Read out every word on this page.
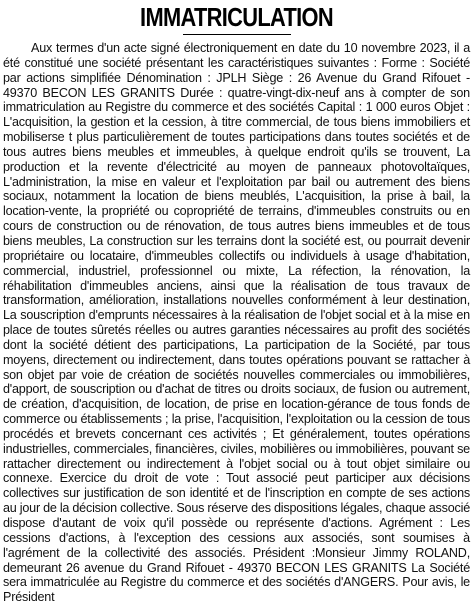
IMMATRICULATION

Aux termes d'un acte signé électroniquement en date du 10 novembre 2023, il a été constitué une société présentant les caractéristiques suivantes : Forme : Société par actions simplifiée Dénomination : JPLH Siège : 26 Avenue du Grand Rifouet - 49370 BECON LES GRANITS Durée : quatre-vingt-dix-neuf ans à compter de son immatriculation au Registre du commerce et des sociétés Capital : 1 000 euros Objet : L'acquisition, la gestion et la cession, à titre commercial, de tous biens immobiliers et mobiliserse t plus particulièrement de toutes participations dans toutes sociétés et de tous autres biens meubles et immeubles, à quelque endroit qu'ils se trouvent, La production et la revente d'électricité au moyen de panneaux photovoltaïques, L'administration, la mise en valeur et l'exploitation par bail ou autrement des biens sociaux, notamment la location de biens meublés, L'acquisition, la prise à bail, la location-vente, la propriété ou copropriété de terrains, d'immeubles construits ou en cours de construction ou de rénovation, de tous autres biens immeubles et de tous biens meubles, La construction sur les terrains dont la société est, ou pourrait devenir propriétaire ou locataire, d'immeubles collectifs ou individuels à usage d'habitation, commercial, industriel, professionnel ou mixte, La réfection, la rénovation, la réhabilitation d'immeubles anciens, ainsi que la réalisation de tous travaux de transformation, amélioration, installations nouvelles conformément à leur destination, La souscription d'emprunts nécessaires à la réalisation de l'objet social et à la mise en place de toutes sûretés réelles ou autres garanties nécessaires au profit des sociétés dont la société détient des participations, La participation de la Société, par tous moyens, directement ou indirectement, dans toutes opérations pouvant se rattacher à son objet par voie de création de sociétés nouvelles commerciales ou immobilières, d'apport, de souscription ou d'achat de titres ou droits sociaux, de fusion ou autrement, de création, d'acquisition, de location, de prise en location-gérance de tous fonds de commerce ou établissements ; la prise, l'acquisition, l'exploitation ou la cession de tous procédés et brevets concernant ces activités ; Et généralement, toutes opérations industrielles, commerciales, financières, civiles, mobilières ou immobilières, pouvant se rattacher directement ou indirectement à l'objet social ou à tout objet similaire ou connexe. Exercice du droit de vote : Tout associé peut participer aux décisions collectives sur justification de son identité et de l'inscription en compte de ses actions au jour de la décision collective. Sous réserve des dispositions légales, chaque associé dispose d'autant de voix qu'il possède ou représente d'actions. Agrément : Les cessions d'actions, à l'exception des cessions aux associés, sont soumises à l'agrément de la collectivité des associés. Président :Monsieur Jimmy ROLAND, demeurant 26 avenue du Grand Rifouet - 49370 BECON LES GRANITS La Société sera immatriculée au Registre du commerce et des sociétés d'ANGERS. Pour avis, le Président
